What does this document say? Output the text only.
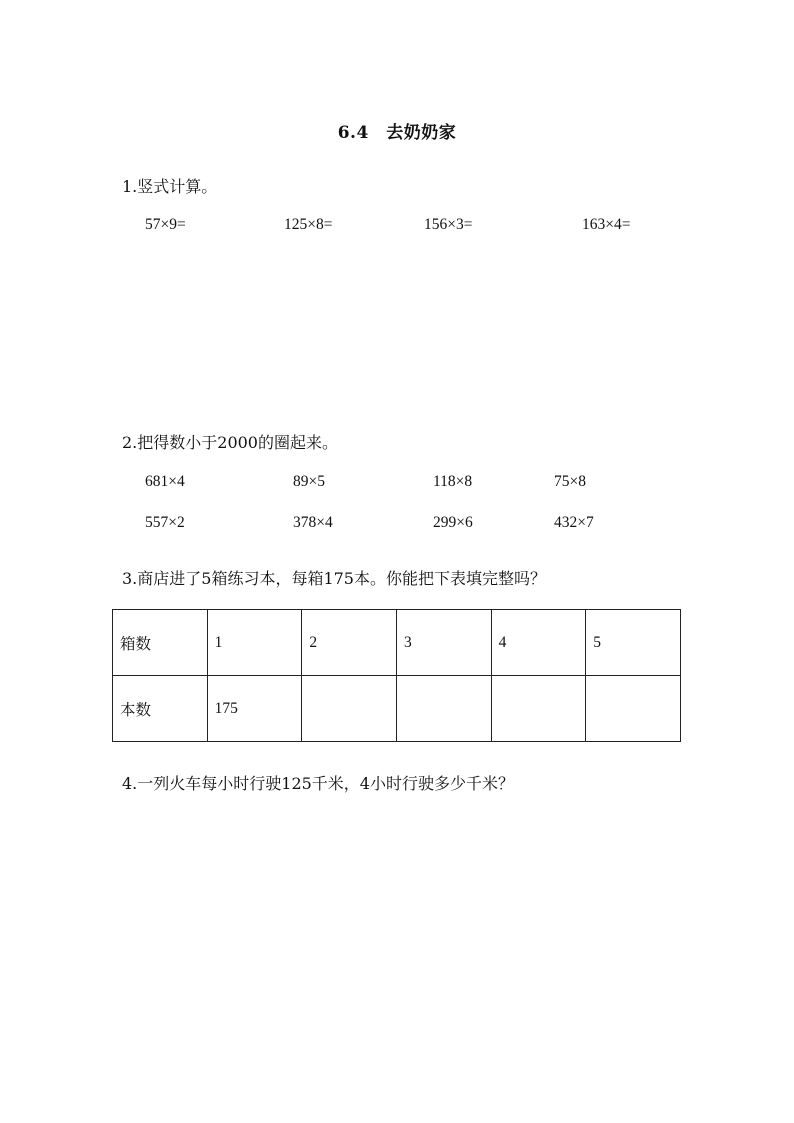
6.4　去奶奶家
1.竖式计算。
57×9=	125×8=	156×3=	163×4=
2.把得数小于2000的圈起来。
681×4	89×5	118×8	75×8
557×2	378×4	299×6	432×7
3.商店进了5箱练习本，每箱175本。你能把下表填完整吗？
箱数	1	2	3	4	5
本数	175				
4.一列火车每小时行驶125千米，4小时行驶多少千米？
